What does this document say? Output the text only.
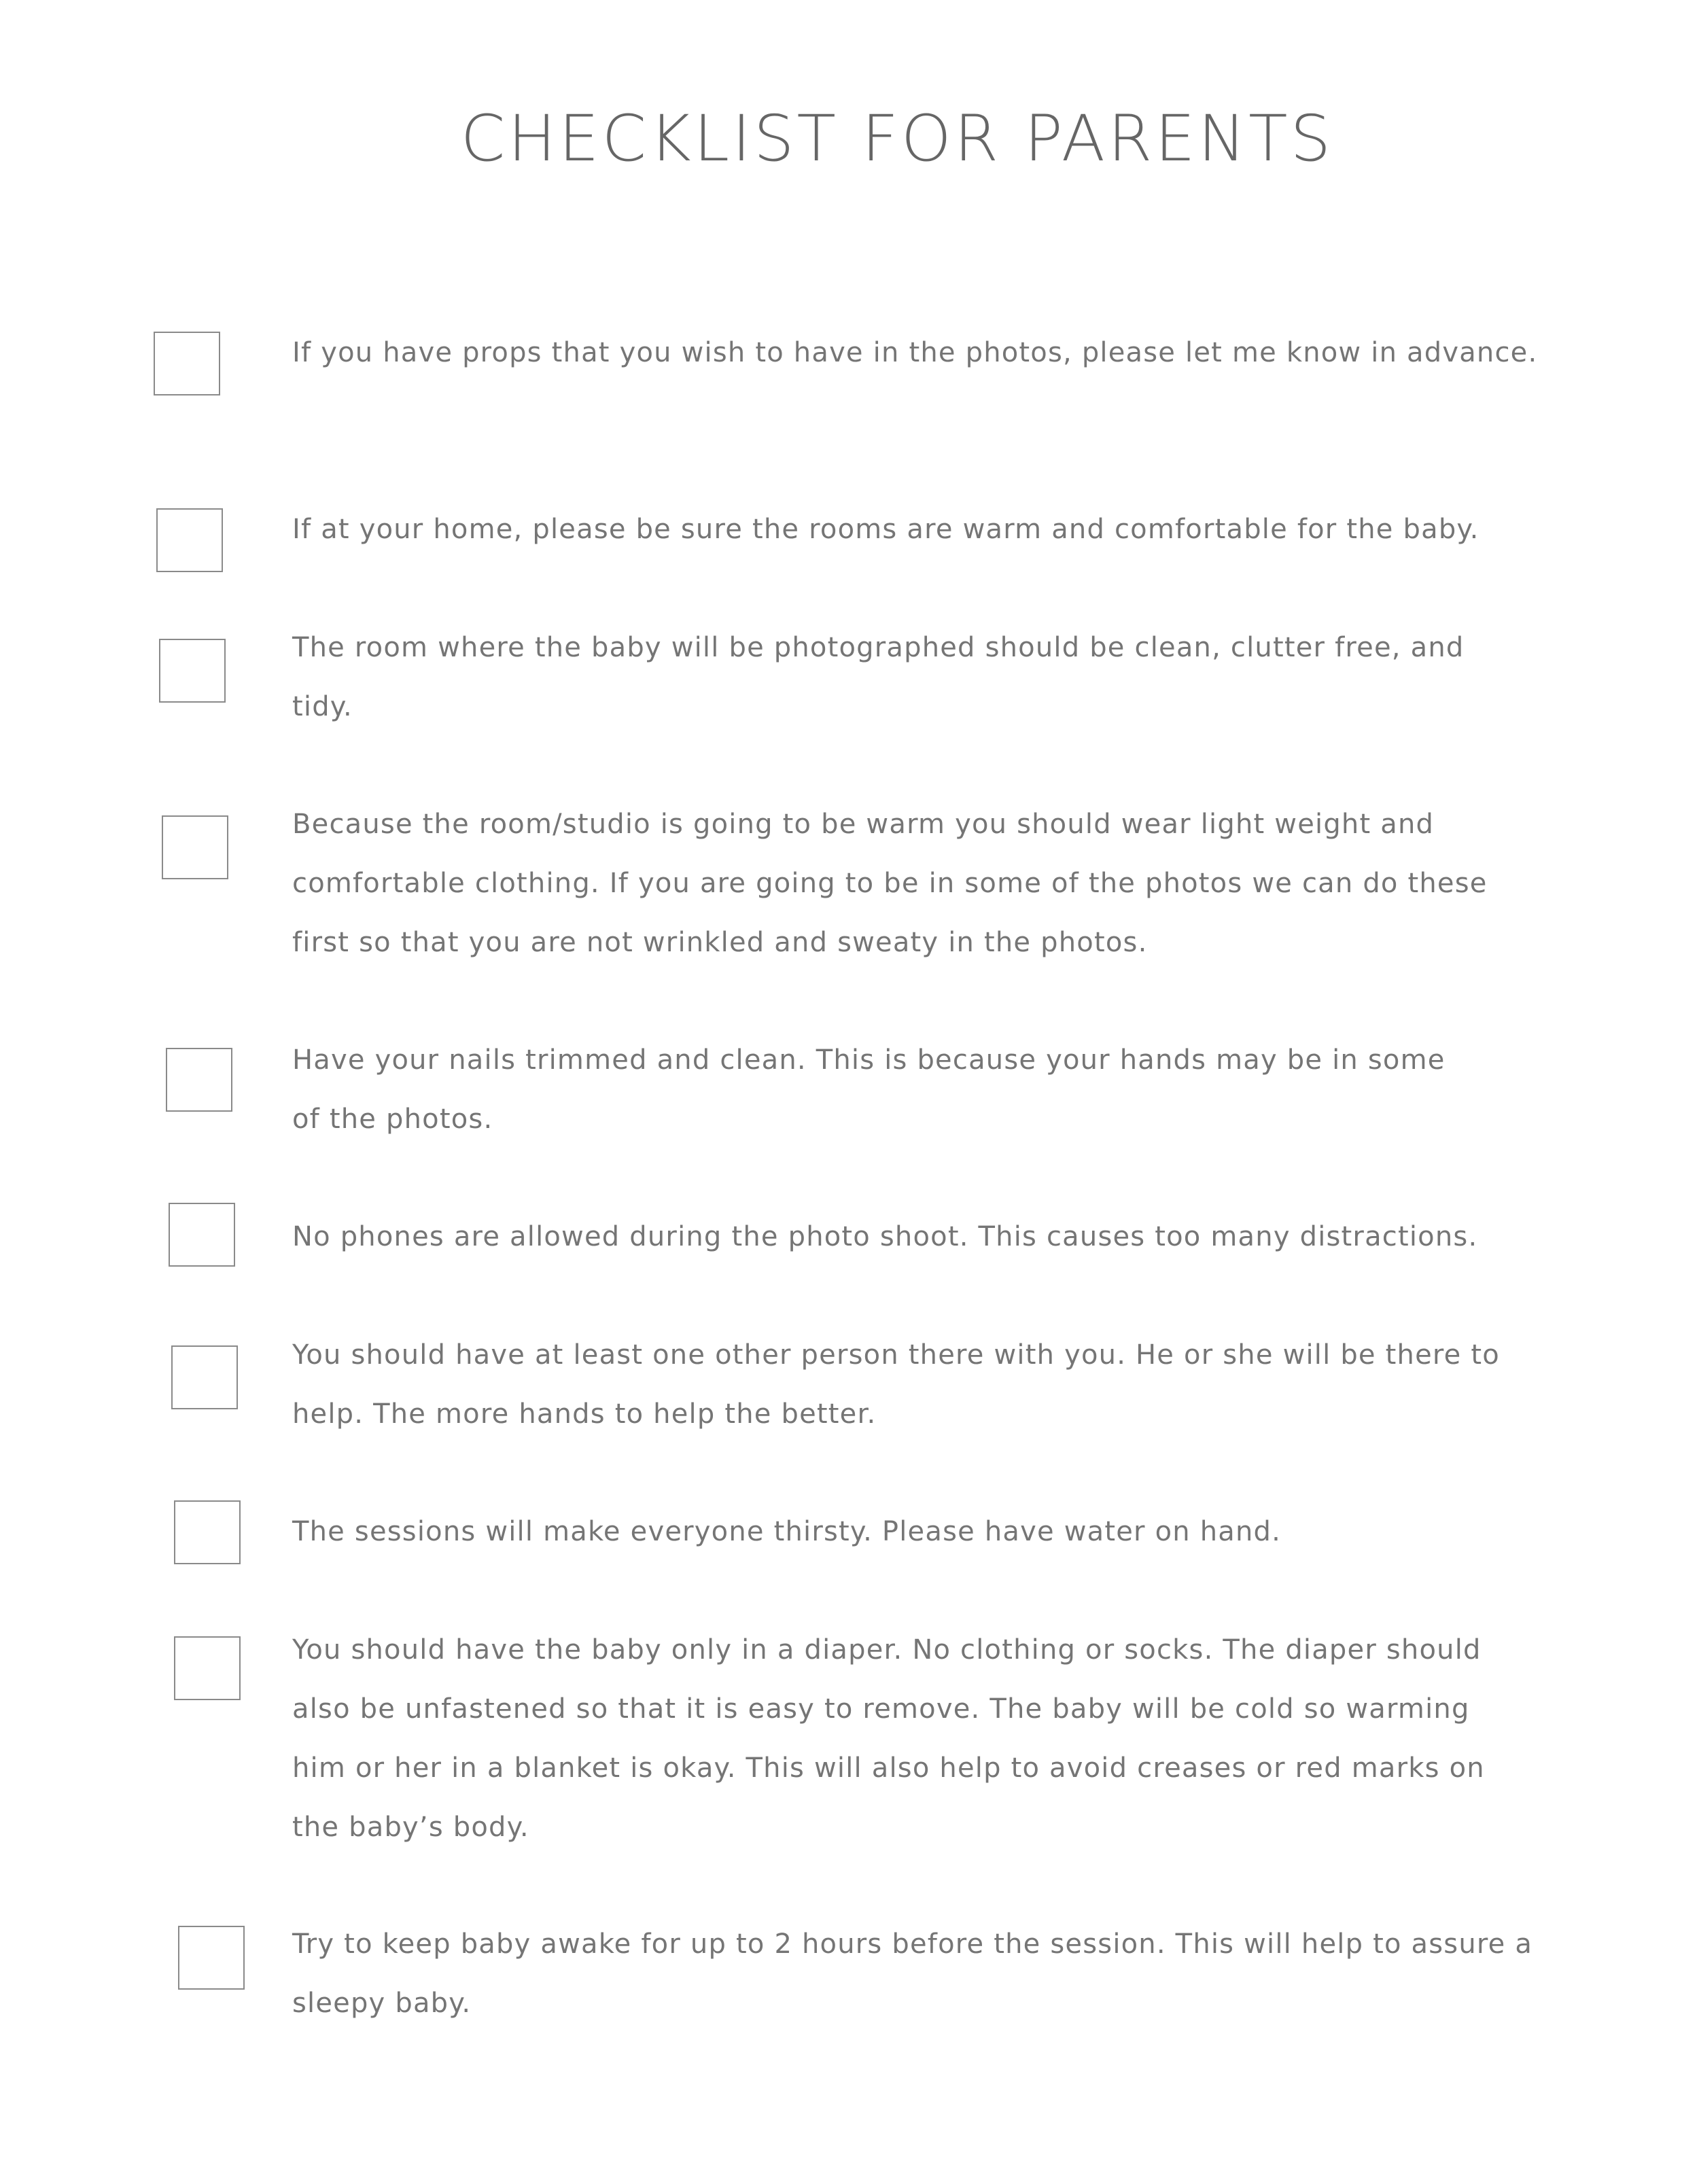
CHECKLIST FOR PARENTS

If you have props that you wish to have in the photos, please let me know in advance.

If at your home, please be sure the rooms are warm and comfortable for the baby.

The room where the baby will be photographed should be clean, clutter free, and
tidy.

Because the room/studio is going to be warm you should wear light weight and
comfortable clothing. If you are going to be in some of the photos we can do these
first so that you are not wrinkled and sweaty in the photos.

Have your nails trimmed and clean. This is because your hands may be in some
of the photos.

No phones are allowed during the photo shoot. This causes too many distractions.

You should have at least one other person there with you. He or she will be there to
help. The more hands to help the better.

The sessions will make everyone thirsty. Please have water on hand.

You should have the baby only in a diaper. No clothing or socks. The diaper should
also be unfastened so that it is easy to remove. The baby will be cold so warming
him or her in a blanket is okay. This will also help to avoid creases or red marks on
the baby’s body.

Try to keep baby awake for up to 2 hours before the session. This will help to assure a
sleepy baby.
